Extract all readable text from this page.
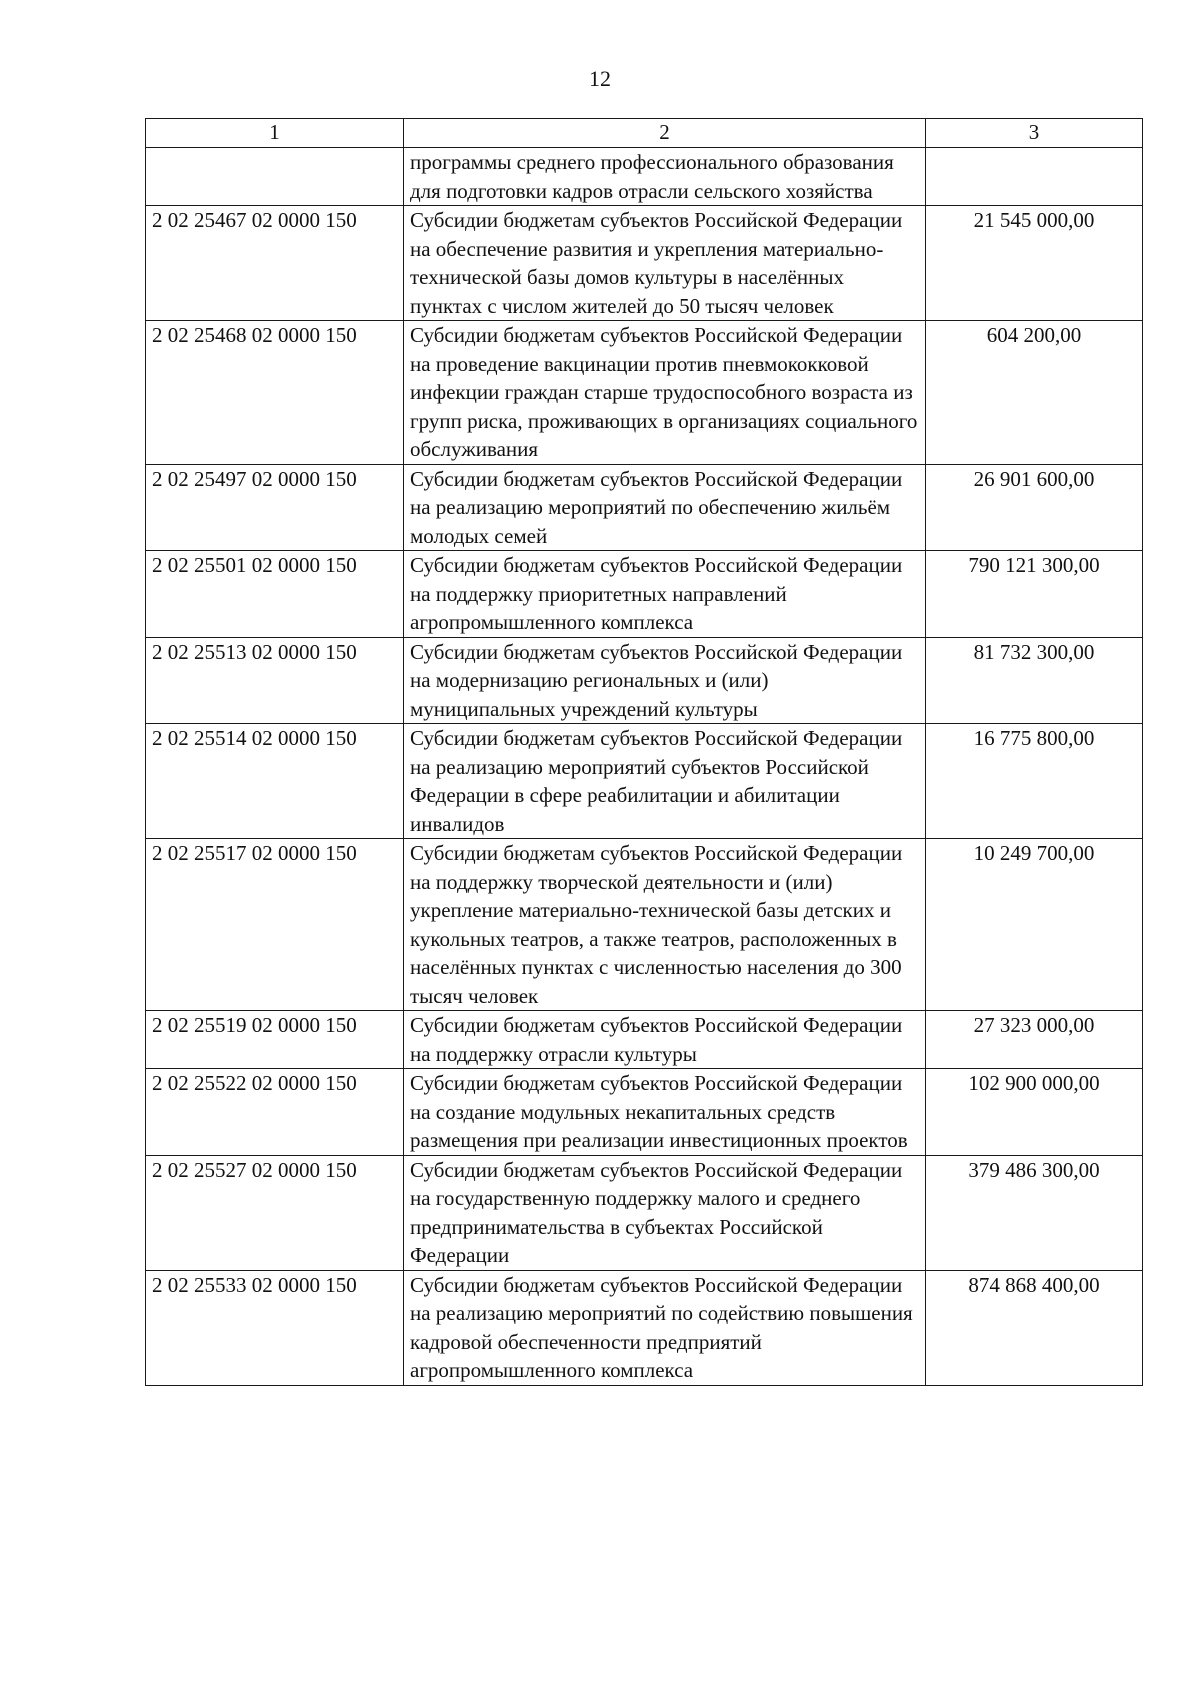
12
1	2	3
	программы среднего профессионального образования для подготовки кадров отрасли сельского хозяйства	
2 02 25467 02 0000 150	Субсидии бюджетам субъектов Российской Федерации на обеспечение развития и укрепления материально-технической базы домов культуры в населённых пунктах с числом жителей до 50 тысяч человек	21 545 000,00
2 02 25468 02 0000 150	Субсидии бюджетам субъектов Российской Федерации на проведение вакцинации против пневмококковой инфекции граждан старше трудоспособного возраста из групп риска, проживающих в организациях социального обслуживания	604 200,00
2 02 25497 02 0000 150	Субсидии бюджетам субъектов Российской Федерации на реализацию мероприятий по обеспечению жильём молодых семей	26 901 600,00
2 02 25501 02 0000 150	Субсидии бюджетам субъектов Российской Федерации на поддержку приоритетных направлений агропромышленного комплекса	790 121 300,00
2 02 25513 02 0000 150	Субсидии бюджетам субъектов Российской Федерации на модернизацию региональных и (или) муниципальных учреждений культуры	81 732 300,00
2 02 25514 02 0000 150	Субсидии бюджетам субъектов Российской Федерации на реализацию мероприятий субъектов Российской Федерации в сфере реабилитации и абилитации инвалидов	16 775 800,00
2 02 25517 02 0000 150	Субсидии бюджетам субъектов Российской Федерации на поддержку творческой деятельности и (или) укрепление материально-технической базы детских и кукольных театров, а также театров, расположенных в населённых пунктах с численностью населения до 300 тысяч человек	10 249 700,00
2 02 25519 02 0000 150	Субсидии бюджетам субъектов Российской Федерации на поддержку отрасли культуры	27 323 000,00
2 02 25522 02 0000 150	Субсидии бюджетам субъектов Российской Федерации на создание модульных некапитальных средств размещения при реализации инвестиционных проектов	102 900 000,00
2 02 25527 02 0000 150	Субсидии бюджетам субъектов Российской Федерации на государственную поддержку малого и среднего предпринимательства в субъектах Российской Федерации	379 486 300,00
2 02 25533 02 0000 150	Субсидии бюджетам субъектов Российской Федерации на реализацию мероприятий по содействию повышения кадровой обеспеченности предприятий агропромышленного комплекса	874 868 400,00
